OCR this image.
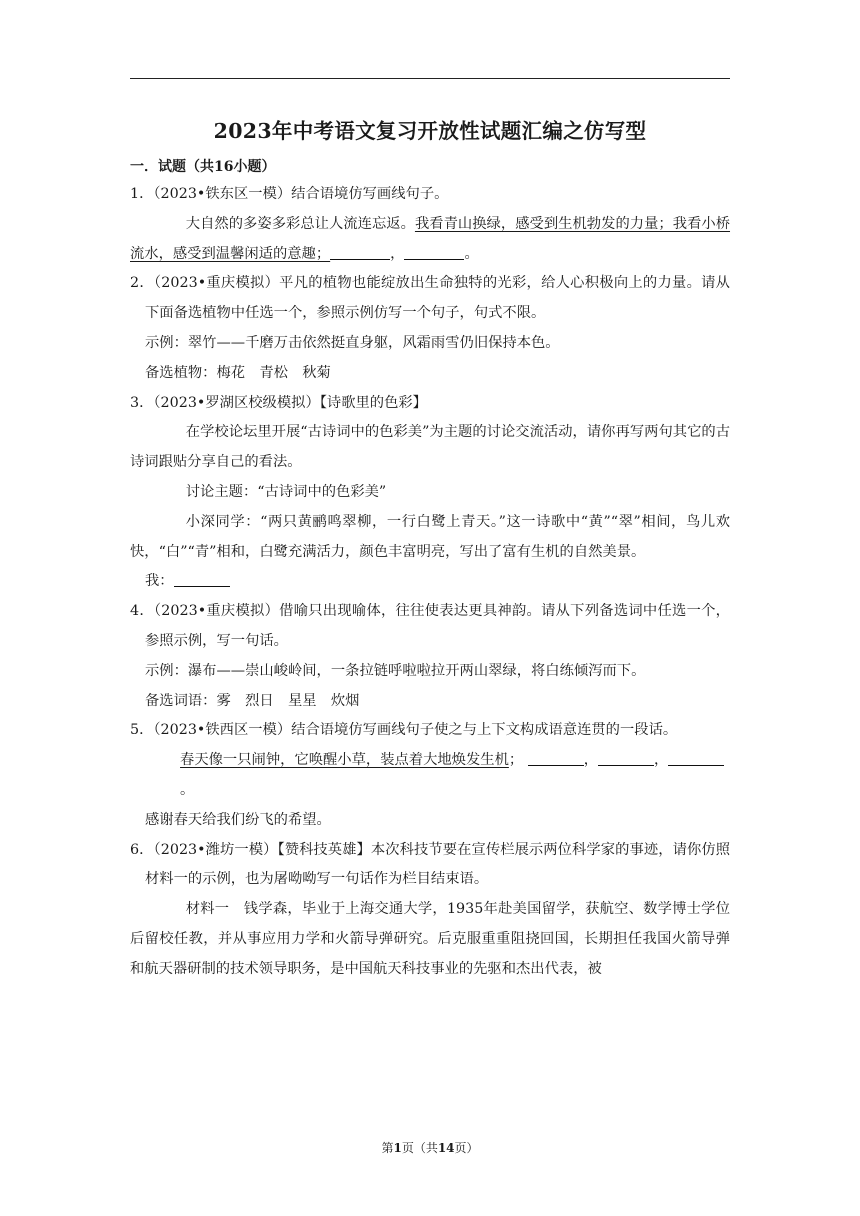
2023年中考语文复习开放性试题汇编之仿写型
一．试题（共16小题）

1．（2023•铁东区一模）结合语境仿写画线句子。

大自然的多姿多彩总让人流连忘返。我看青山换绿，感受到生机勃发的力量；我看小桥流水，感受到温馨闲适的意趣；	，	。

2．（2023•重庆模拟）平凡的植物也能绽放出生命独特的光彩，给人心积极向上的力量。请从下面备选植物中任选一个，参照示例仿写一个句子，句式不限。

示例：翠竹——千磨万击依然挺直身躯，风霜雨雪仍旧保持本色。

备选植物：梅花　青松　秋菊

3．（2023•罗湖区校级模拟）【诗歌里的色彩】

在学校论坛里开展“古诗词中的色彩美”为主题的讨论交流活动，请你再写两句其它的古诗词跟贴分享自己的看法。

讨论主题：“古诗词中的色彩美”

小深同学：“两只黄鹂鸣翠柳，一行白鹭上青天。”这一诗歌中“黄”“翠”相间，鸟儿欢快，“白”“青”相和，白鹭充满活力，颜色丰富明亮，写出了富有生机的自然美景。

我：

4．（2023•重庆模拟）借喻只出现喻体，往往使表达更具神韵。请从下列备选词中任选一个，参照示例，写一句话。

示例：瀑布——崇山峻岭间，一条拉链呼啦啦拉开两山翠绿，将白练倾泻而下。

备选词语：雾　烈日　星星　炊烟

5．（2023•铁西区一模）结合语境仿写画线句子使之与上下文构成语意连贯的一段话。

春天像一只闹钟，它唤醒小草，装点着大地焕发生机；	，	，。

感谢春天给我们纷飞的希望。

6．（2023•潍坊一模）【赞科技英雄】本次科技节要在宣传栏展示两位科学家的事迹，请你仿照材料一的示例，也为屠呦呦写一句话作为栏目结束语。

材料一　钱学森，毕业于上海交通大学，1935年赴美国留学，获航空、数学博士学位后留校任教，并从事应用力学和火箭导弹研究。后克服重重阻挠回国，长期担任我国火箭导弹和航天器研制的技术领导职务，是中国航天科技事业的先驱和杰出代表，被

第1页（共14页）
